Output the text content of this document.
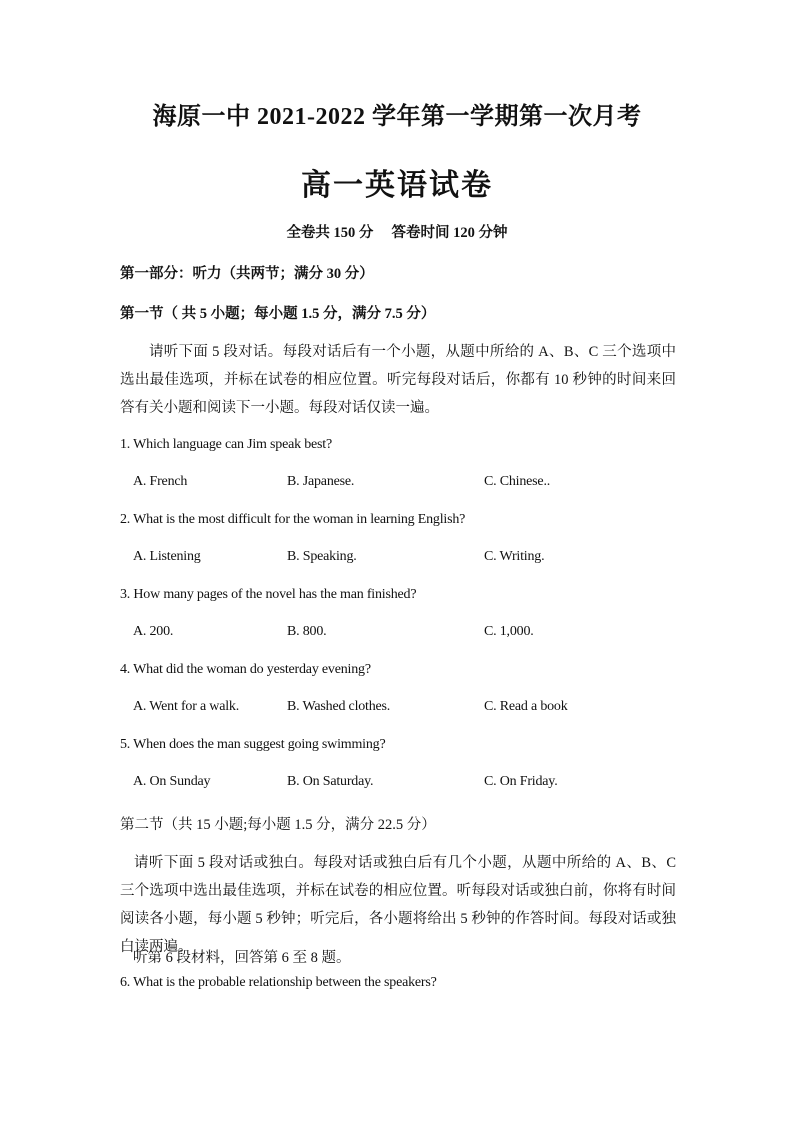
海原一中 2021-2022 学年第一学期第一次月考
高一英语试卷
全卷共 150 分     答卷时间 120 分钟
第一部分：听力（共两节；满分 30 分）
第一节（ 共 5 小题；每小题 1.5 分，满分 7.5 分）
请听下面 5 段对话。每段对话后有一个小题，从题中所给的 A、B、C 三个选项中选出最佳选项，并标在试卷的相应位置。听完每段对话后，你都有 10 秒钟的时间来回答有关小题和阅读下一小题。每段对话仅读一遍。
1. Which language can Jim speak best?
A. French	B. Japanese.	C. Chinese..
2. What is the most difficult for the woman in learning English?
A. Listening	B. Speaking.	C. Writing.
3. How many pages of the novel has the man finished?
A. 200.	B. 800.	C. 1,000.
4. What did the woman do yesterday evening?
A. Went for a walk.	B. Washed clothes.	C. Read a book
5. When does the man suggest going swimming?
A. On Sunday	B. On Saturday.	C. On Friday.
第二节（共 15 小题;每小题 1.5 分，满分 22.5 分）
请听下面 5 段对话或独白。每段对话或独白后有几个小题，从题中所给的 A、B、C 三个选项中选出最佳选项，并标在试卷的相应位置。听每段对话或独白前，你将有时间阅读各小题，每小题 5 秒钟；听完后，各小题将给出 5 秒钟的作答时间。每段对话或独白读两遍。
听第 6 段材料，回答第 6 至 8 题。
6. What is the probable relationship between the speakers?
